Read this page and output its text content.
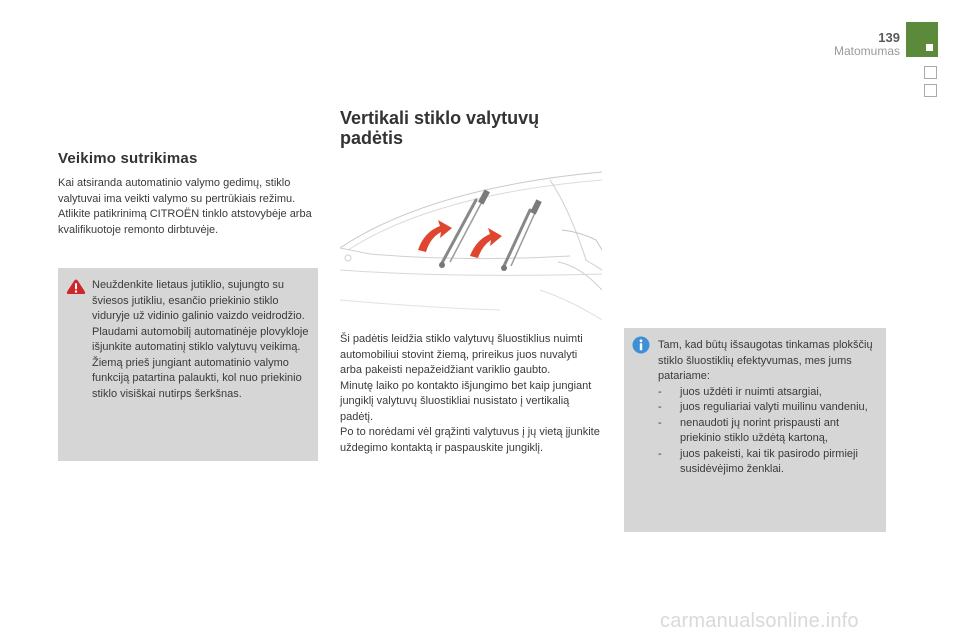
139
Matomumas
Veikimo sutrikimas

Kai atsiranda automatinio valymo gedimų, stiklo valytuvai ima veikti valymo su pertrūkiais režimu.

Atlikite patikrinimą CITROËN tinklo atstovybėje arba kvalifikuotoje remonto dirbtuvėje.

Neuždenkite lietaus jutiklio, sujungto su šviesos jutikliu, esančio priekinio stiklo viduryje už vidinio galinio vaizdo veidrodžio.

Plaudami automobilį automatinėje plovykloje išjunkite automatinį stiklo valytuvų veikimą.

Žiemą prieš jungiant automatinio valymo funkciją patartina palaukti, kol nuo priekinio stiklo visiškai nutirps šerkšnas.

Vertikali stiklo valytuvų
padėtis

Ši padėtis leidžia stiklo valytuvų šluostiklius nuimti automobiliui stovint žiemą, prireikus juos nuvalyti arba pakeisti nepažeidžiant variklio gaubto.

Minutę laiko po kontakto išjungimo bet kaip jungiant jungiklį valytuvų šluostikliai nusistato į vertikalią padėtį.

Po to norėdami vėl grąžinti valytuvus į jų vietą įjunkite uždegimo kontaktą ir paspauskite jungiklį.

Tam, kad būtų išsaugotas tinkamas plokščių stiklo šluostiklių efektyvumas, mes jums patariame:

-	juos uždėti ir nuimti atsargiai,
-	juos reguliariai valyti muilinu vandeniu,
-	nenaudoti jų norint prispausti ant priekinio stiklo uždėtą kartoną,
-	juos pakeisti, kai tik pasirodo pirmieji susidėvėjimo ženklai.
carmanualsonline.info
